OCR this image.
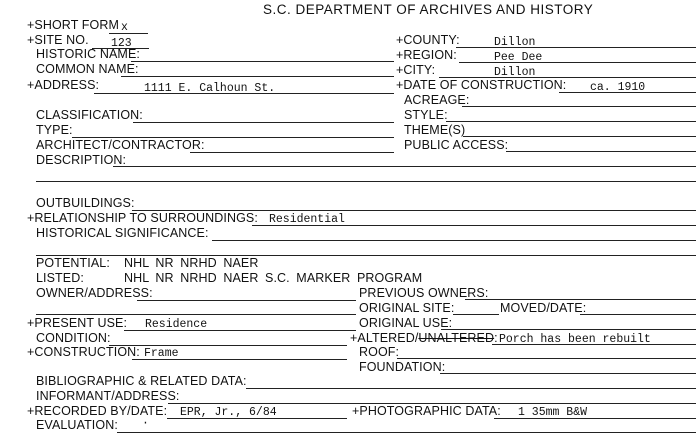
S.C. DEPARTMENT OF ARCHIVES AND HISTORY
+SHORT FORM x
+SITE NO. 123	+COUNTY:	Dillon
HISTORIC NAME:	+REGION:	Pee Dee
COMMON NAME:	+CITY:	Dillon
+ADDRESS:	1111 E. Calhoun St.	+DATE OF CONSTRUCTION: ca. 1910
ACREAGE:
CLASSIFICATION:	STYLE:
TYPE:	THEME(S)
ARCHITECT/CONTRACTOR:	PUBLIC ACCESS:
DESCRIPTION:
OUTBUILDINGS:
+RELATIONSHIP TO SURROUNDINGS: Residential
HISTORICAL SIGNIFICANCE:
POTENTIAL: NHL NR NRHD NAER
LISTED:	NHL NR NRHD NAER S.C. MARKER PROGRAM
OWNER/ADDRESS:	PREVIOUS OWNERS:
ORIGINAL SITE:	MOVED/DATE:
+PRESENT USE: Residence	ORIGINAL USE:
CONDITION:	+ALTERED/UNALTERED: Porch has been rebuilt
+CONSTRUCTION: Frame	ROOF:
FOUNDATION:
BIBLIOGRAPHIC & RELATED DATA:
INFORMANT/ADDRESS:
+RECORDED BY/DATE: EPR, Jr., 6/84	+PHOTOGRAPHIC DATA: 1 35mm B&W
EVALUATION: ·
